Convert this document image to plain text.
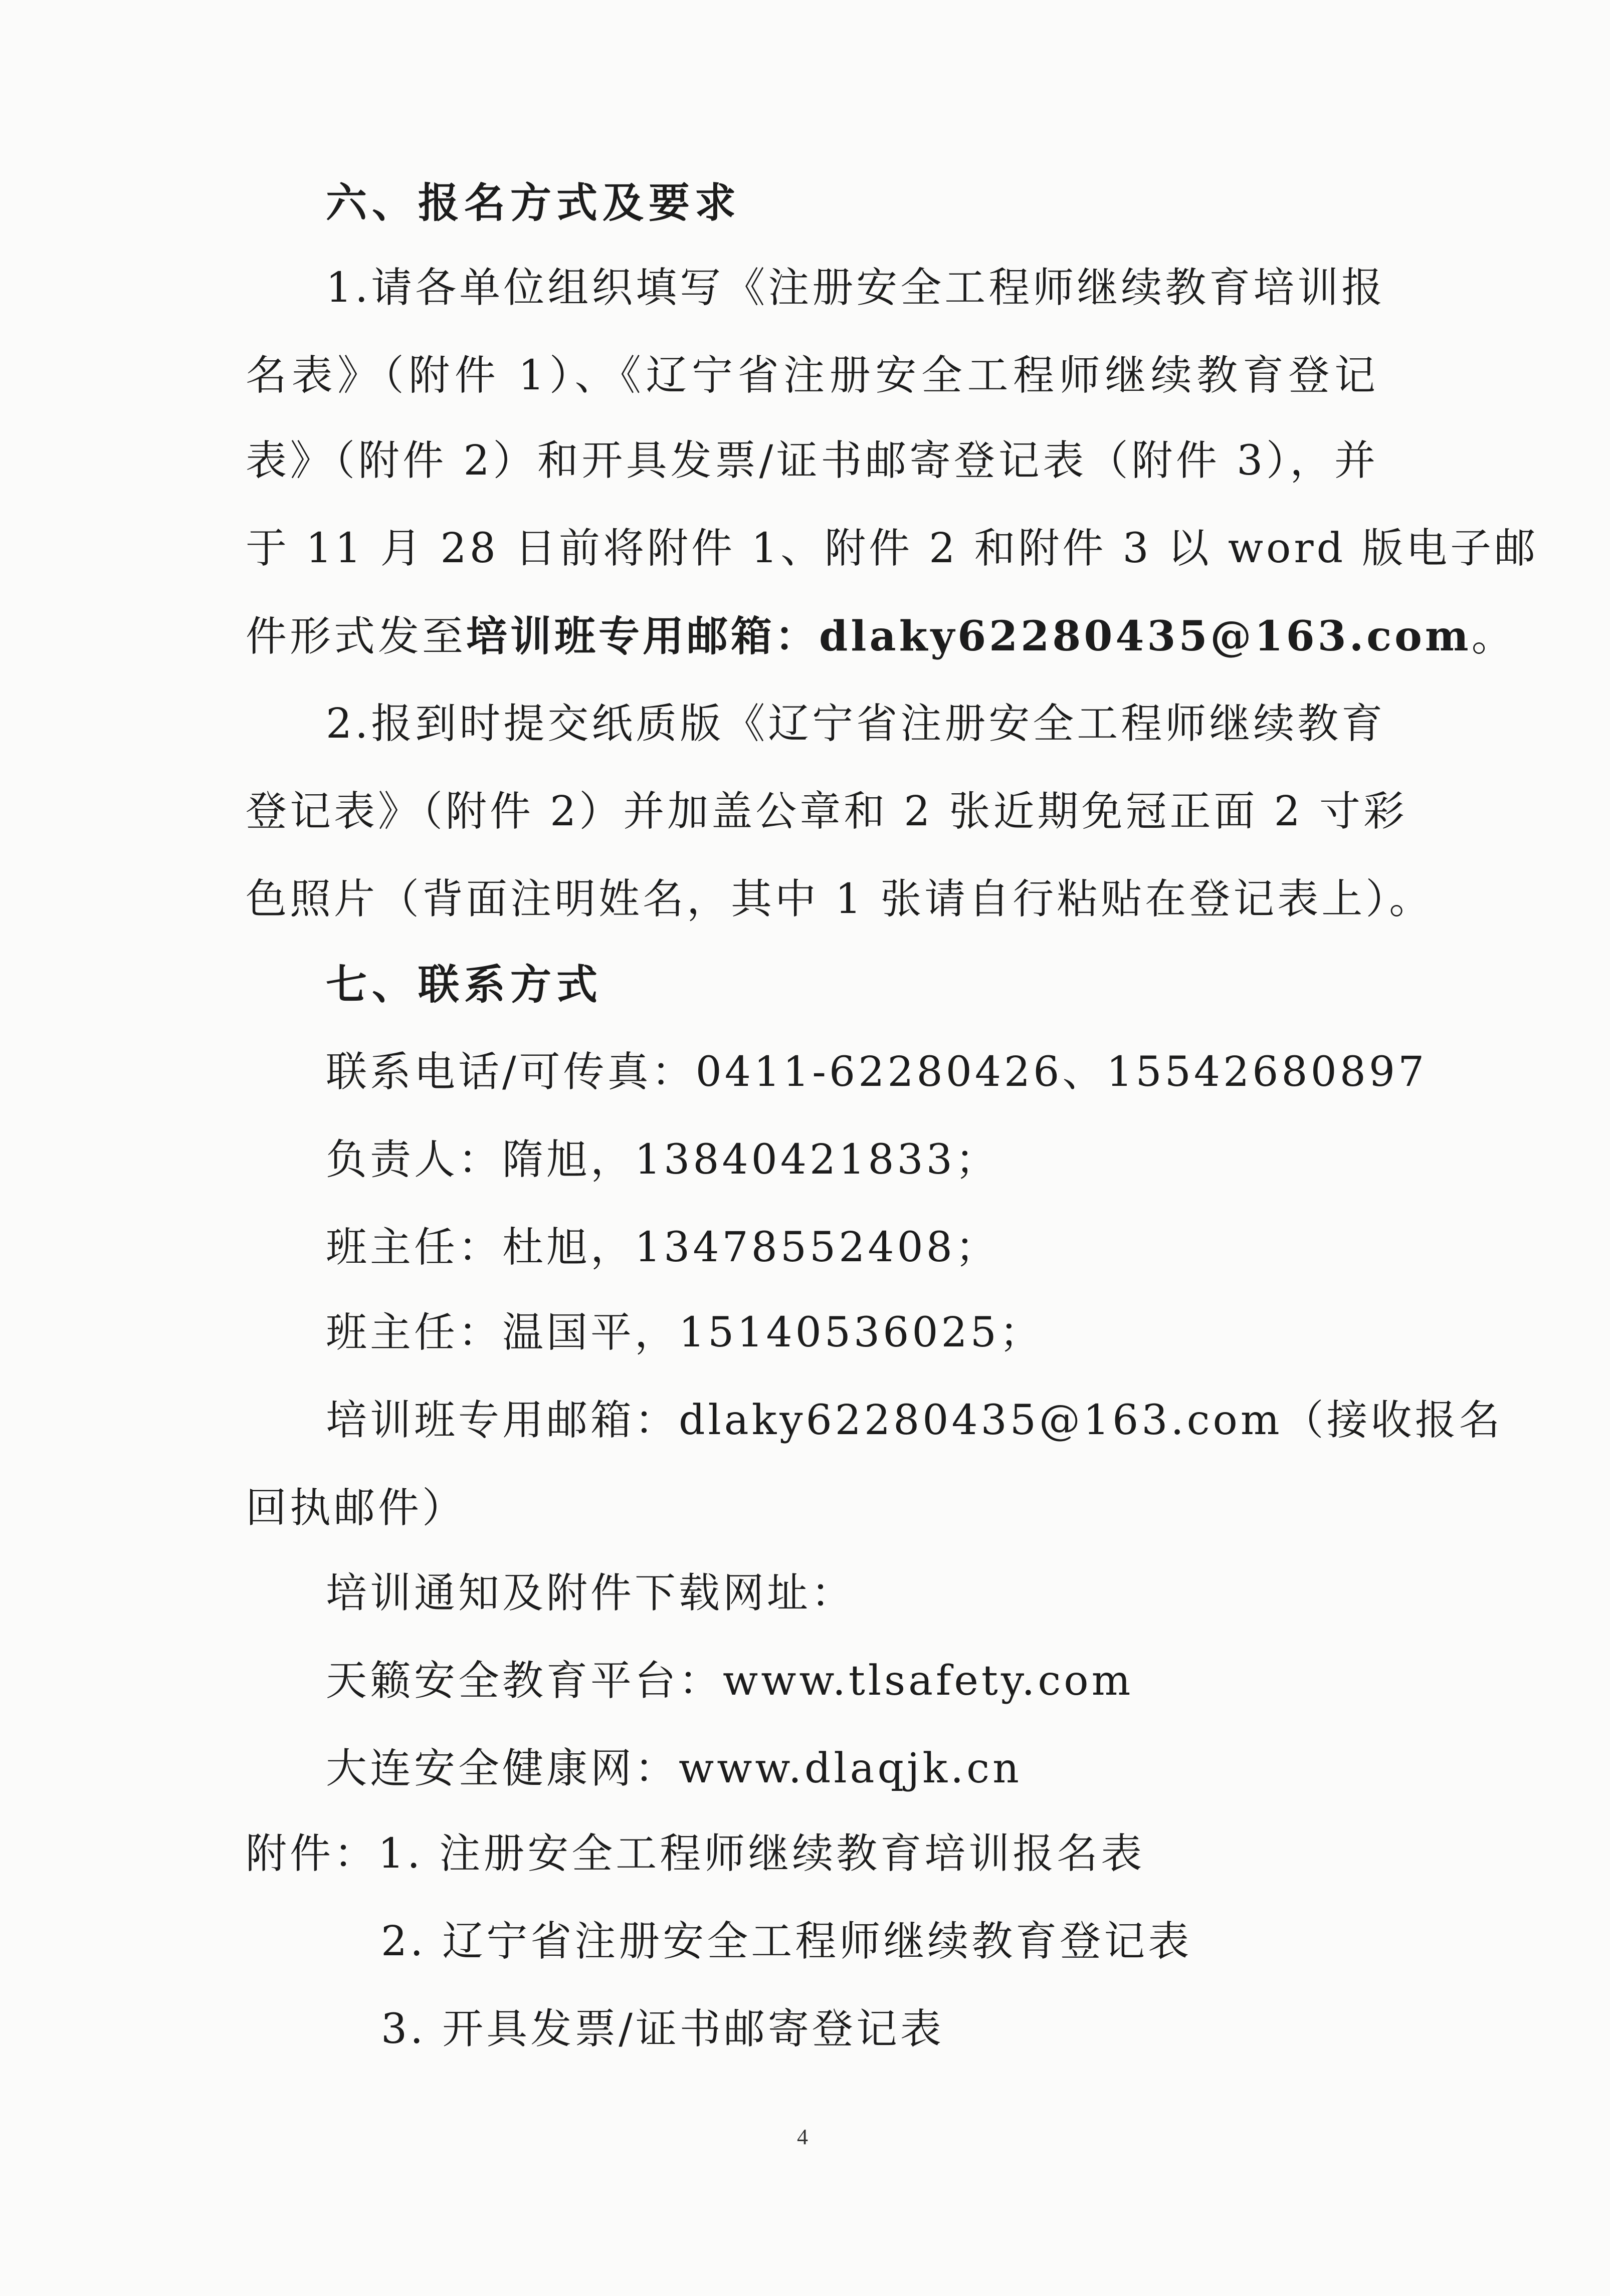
六、报名方式及要求
1.请各单位组织填写《注册安全工程师继续教育培训报
名表》（附件 1）、《辽宁省注册安全工程师继续教育登记
表》（附件 2）和开具发票/证书邮寄登记表（附件 3），并
于 11 月 28 日前将附件 1、附件 2 和附件 3 以 word 版电子邮
件形式发至培训班专用邮箱：dlaky62280435@163.com。
2.报到时提交纸质版《辽宁省注册安全工程师继续教育
登记表》（附件 2）并加盖公章和 2 张近期免冠正面 2 寸彩
色照片（背面注明姓名，其中 1 张请自行粘贴在登记表上）。
七、联系方式
联系电话/可传真：0411-62280426、15542680897
负责人：隋旭，13840421833；
班主任：杜旭，13478552408；
班主任：温国平，15140536025；
培训班专用邮箱：dlaky62280435@163.com（接收报名
回执邮件）
培训通知及附件下载网址：
天籁安全教育平台：www.tlsafety.com
大连安全健康网：www.dlaqjk.cn
附件：1. 注册安全工程师继续教育培训报名表
2. 辽宁省注册安全工程师继续教育登记表
3. 开具发票/证书邮寄登记表
4
